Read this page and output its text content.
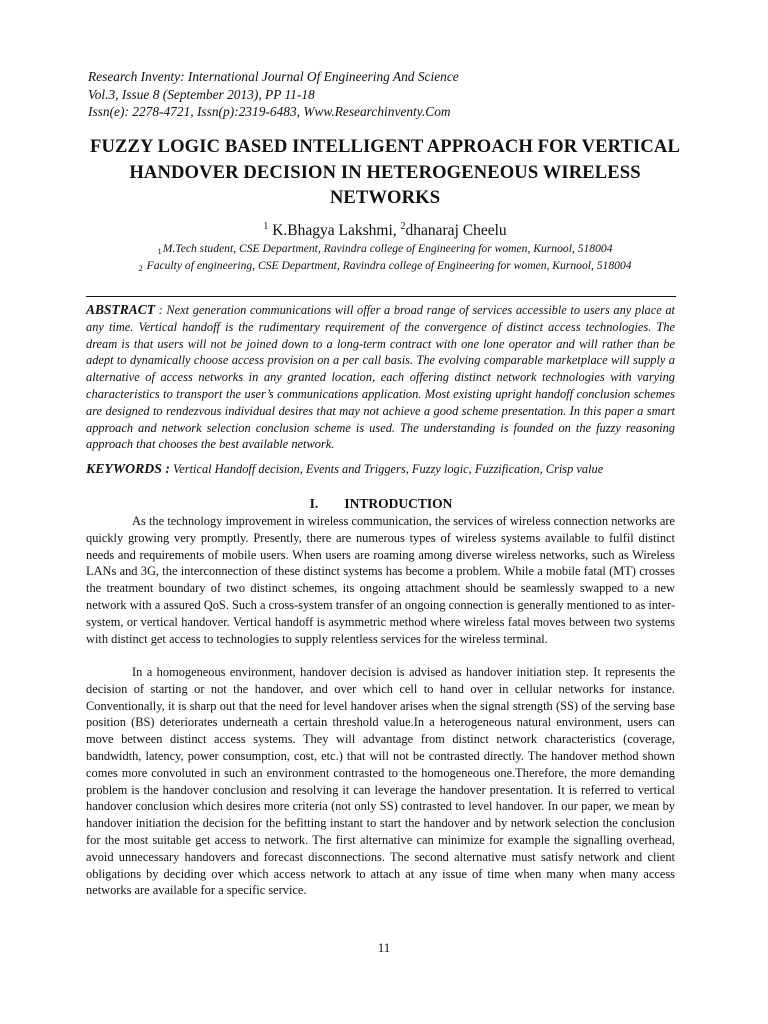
Research Inventy: International Journal Of Engineering And Science
Vol.3, Issue 8 (September 2013), PP 11-18
Issn(e): 2278-4721, Issn(p):2319-6483, Www.Researchinventy.Com
FUZZY LOGIC BASED INTELLIGENT APPROACH FOR VERTICAL HANDOVER DECISION IN HETEROGENEOUS WIRELESS NETWORKS
$^1$ K.Bhagya Lakshmi, $^2$dhanaraj Cheelu
1M.Tech student, CSE Department, Ravindra college of Engineering for women, Kurnool, 518004
2 Faculty of engineering, CSE Department, Ravindra college of Engineering for women, Kurnool, 518004
ABSTRACT : Next generation communications will offer a broad range of services accessible to users any place at any time. Vertical handoff is the rudimentary requirement of the convergence of distinct access technologies. The dream is that users will not be joined down to a long-term contract with one lone operator and will rather than be adept to dynamically choose access provision on a per call basis. The evolving comparable marketplace will supply a alternative of access networks in any granted location, each offering distinct network technologies with varying characteristics to transport the user’s communications application. Most existing upright handoff conclusion schemes are designed to rendezvous individual desires that may not achieve a good scheme presentation. In this paper a smart approach and network selection conclusion scheme is used. The understanding is founded on the fuzzy reasoning approach that chooses the best available network.
KEYWORDS : Vertical Handoff decision, Events and Triggers, Fuzzy logic, Fuzzification, Crisp value
I. INTRODUCTION

As the technology improvement in wireless communication, the services of wireless connection networks are quickly growing very promptly. Presently, there are numerous types of wireless systems available to fulfil distinct needs and requirements of mobile users. When users are roaming among diverse wireless networks, such as Wireless LANs and 3G, the interconnection of these distinct systems has become a problem. While a mobile fatal (MT) crosses the treatment boundary of two distinct schemes, its ongoing attachment should be seamlessly swapped to a new network with a assured QoS. Such a cross-system transfer of an ongoing connection is generally mentioned to as inter-system, or vertical handover. Vertical handoff is asymmetric method where wireless fatal moves between two systems with distinct get access to technologies to supply relentless services for the wireless terminal.

In a homogeneous environment, handover decision is advised as handover initiation step. It represents the decision of starting or not the handover, and over which cell to hand over in cellular networks for instance. Conventionally, it is sharp out that the need for level handover arises when the signal strength (SS) of the serving base position (BS) deteriorates underneath a certain threshold value.In a heterogeneous natural environment, users can move between distinct access systems. They will advantage from distinct network characteristics (coverage, bandwidth, latency, power consumption, cost, etc.) that will not be contrasted directly. The handover method shown comes more convoluted in such an environment contrasted to the homogeneous one.Therefore, the more demanding problem is the handover conclusion and resolving it can leverage the handover presentation. It is referred to vertical handover conclusion which desires more criteria (not only SS) contrasted to level handover. In our paper, we mean by handover initiation the decision for the befitting instant to start the handover and by network selection the conclusion for the most suitable get access to network. The first alternative can minimize for example the signalling overhead, avoid unnecessary handovers and forecast disconnections. The second alternative must satisfy network and client obligations by deciding over which access network to attach at any issue of time when many when many access networks are available for a specific service.

11
